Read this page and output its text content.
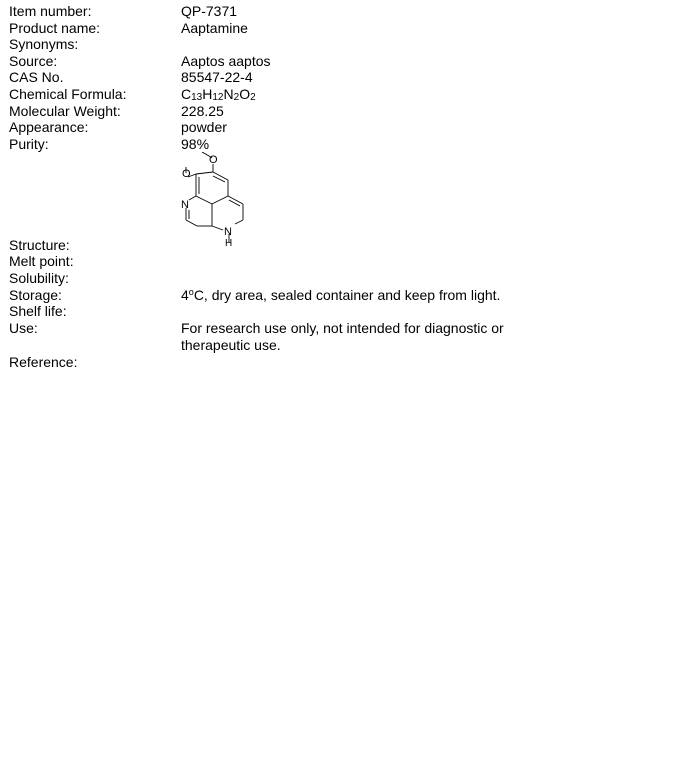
Item number:	QP-7371
Product name:	Aaptamine
Synonyms:
Source:	Aaptos aaptos
CAS No.	85547-22-4
Chemical Formula:	$C_{13}H_{12}N_2O_2$
Molecular Weight:	228.25
Appearance:	powder
Purity:	98%
Structure:
O
O
N
N
H
Melt point:
Solubility:
Storage:	4$^o$C, dry area, sealed container and keep from light.
Shelf life:
Use:	For research use only, not intended for diagnostic or
therapeutic use.
Reference:
